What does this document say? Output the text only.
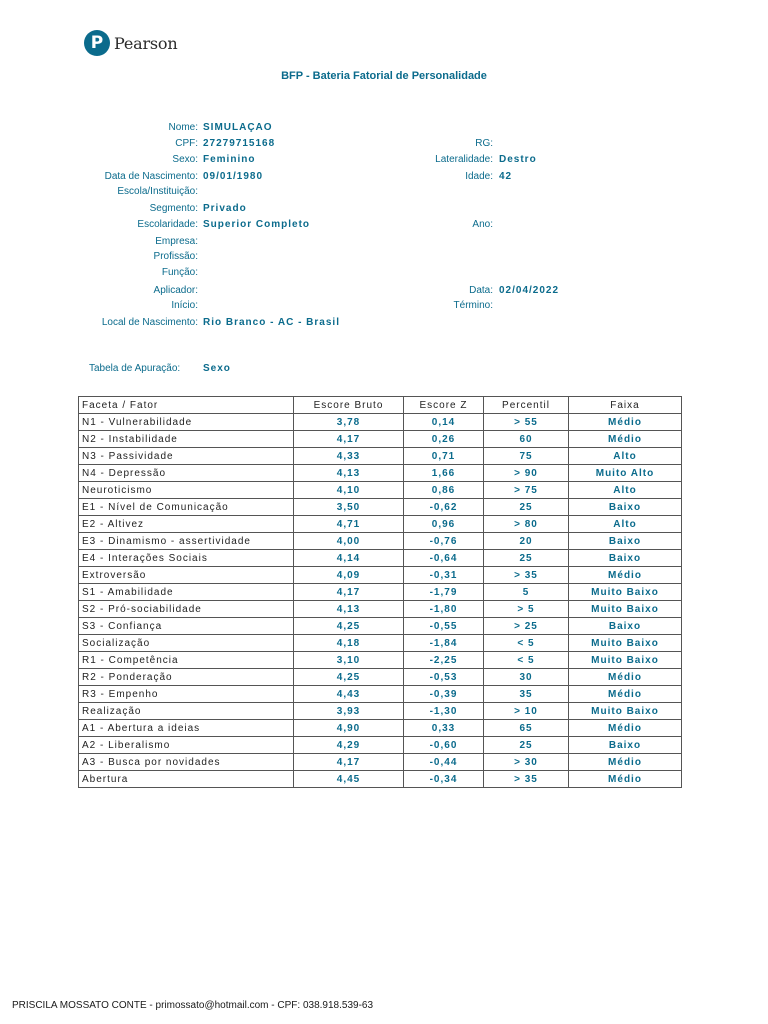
P Pearson
BFP - Bateria Fatorial de Personalidade
Nome: SIMULAÇAO
CPF: 27279715168
Sexo: Feminino
Data de Nascimento: 09/01/1980
Escola/Instituição:
Segmento: Privado
Escolaridade: Superior Completo
Empresa:
Profissão:
Função:
Aplicador:
Início:
Local de Nascimento: Rio Branco - AC - Brasil
RG:
Lateralidade: Destro
Idade: 42
Ano:
Data: 02/04/2022
Término:
Tabela de Apuração: Sexo
Faceta / Fator	Escore Bruto	Escore Z	Percentil	Faixa
N1 - Vulnerabilidade	3,78	0,14	> 55	Médio
N2 - Instabilidade	4,17	0,26	60	Médio
N3 - Passividade	4,33	0,71	75	Alto
N4 - Depressão	4,13	1,66	> 90	Muito Alto
Neuroticismo	4,10	0,86	> 75	Alto
E1 - Nível de Comunicação	3,50	-0,62	25	Baixo
E2 - Altivez	4,71	0,96	> 80	Alto
E3 - Dinamismo - assertividade	4,00	-0,76	20	Baixo
E4 - Interações Sociais	4,14	-0,64	25	Baixo
Extroversão	4,09	-0,31	> 35	Médio
S1 - Amabilidade	4,17	-1,79	5	Muito Baixo
S2 - Pró-sociabilidade	4,13	-1,80	> 5	Muito Baixo
S3 - Confiança	4,25	-0,55	> 25	Baixo
Socialização	4,18	-1,84	< 5	Muito Baixo
R1 - Competência	3,10	-2,25	< 5	Muito Baixo
R2 - Ponderação	4,25	-0,53	30	Médio
R3 - Empenho	4,43	-0,39	35	Médio
Realização	3,93	-1,30	> 10	Muito Baixo
A1 - Abertura a ideias	4,90	0,33	65	Médio
A2 - Liberalismo	4,29	-0,60	25	Baixo
A3 - Busca por novidades	4,17	-0,44	> 30	Médio
Abertura	4,45	-0,34	> 35	Médio
PRISCILA MOSSATO CONTE - primossato@hotmail.com - CPF: 038.918.539-63
